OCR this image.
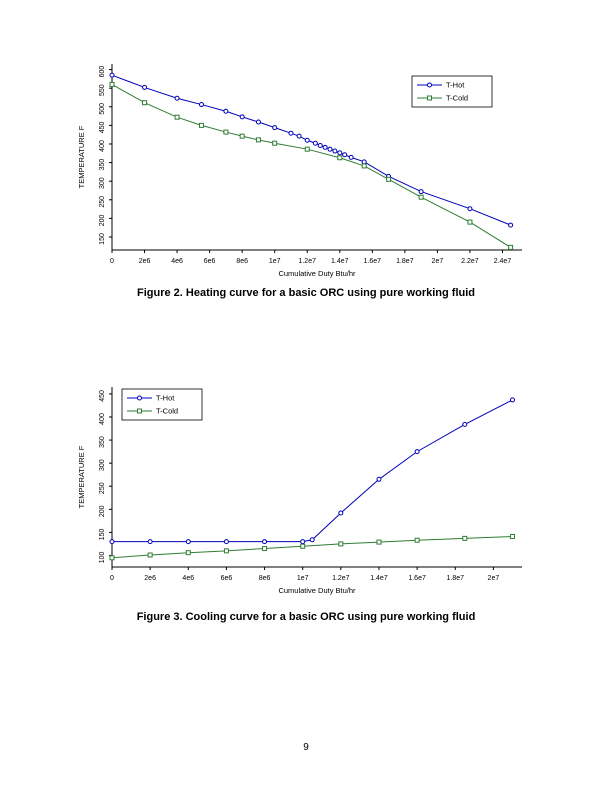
0	2e6	4e6	6e6	8e6	1e7	1.2e7 1.4e7 1.6e7 1.8e7	2e7	2.2e7 2.4e7
150
200
250
300
350
400
450
500
550
600
Cumulative Duty Btu/hr
TEMPERATURE F
T-Hot
T-Cold
Figure 2. Heating curve for a basic ORC using pure working fluid
0	2e6	4e6	6e6	8e6	1e7	1.2e7	1.4e7	1.6e7	1.8e7	2e7
100
150
200
250
300
350
400
450
Cumulative Duty Btu/hr
TEMPERATURE F
T-Hot
T-Cold
Figure 3. Cooling curve for a basic ORC using pure working fluid
9
